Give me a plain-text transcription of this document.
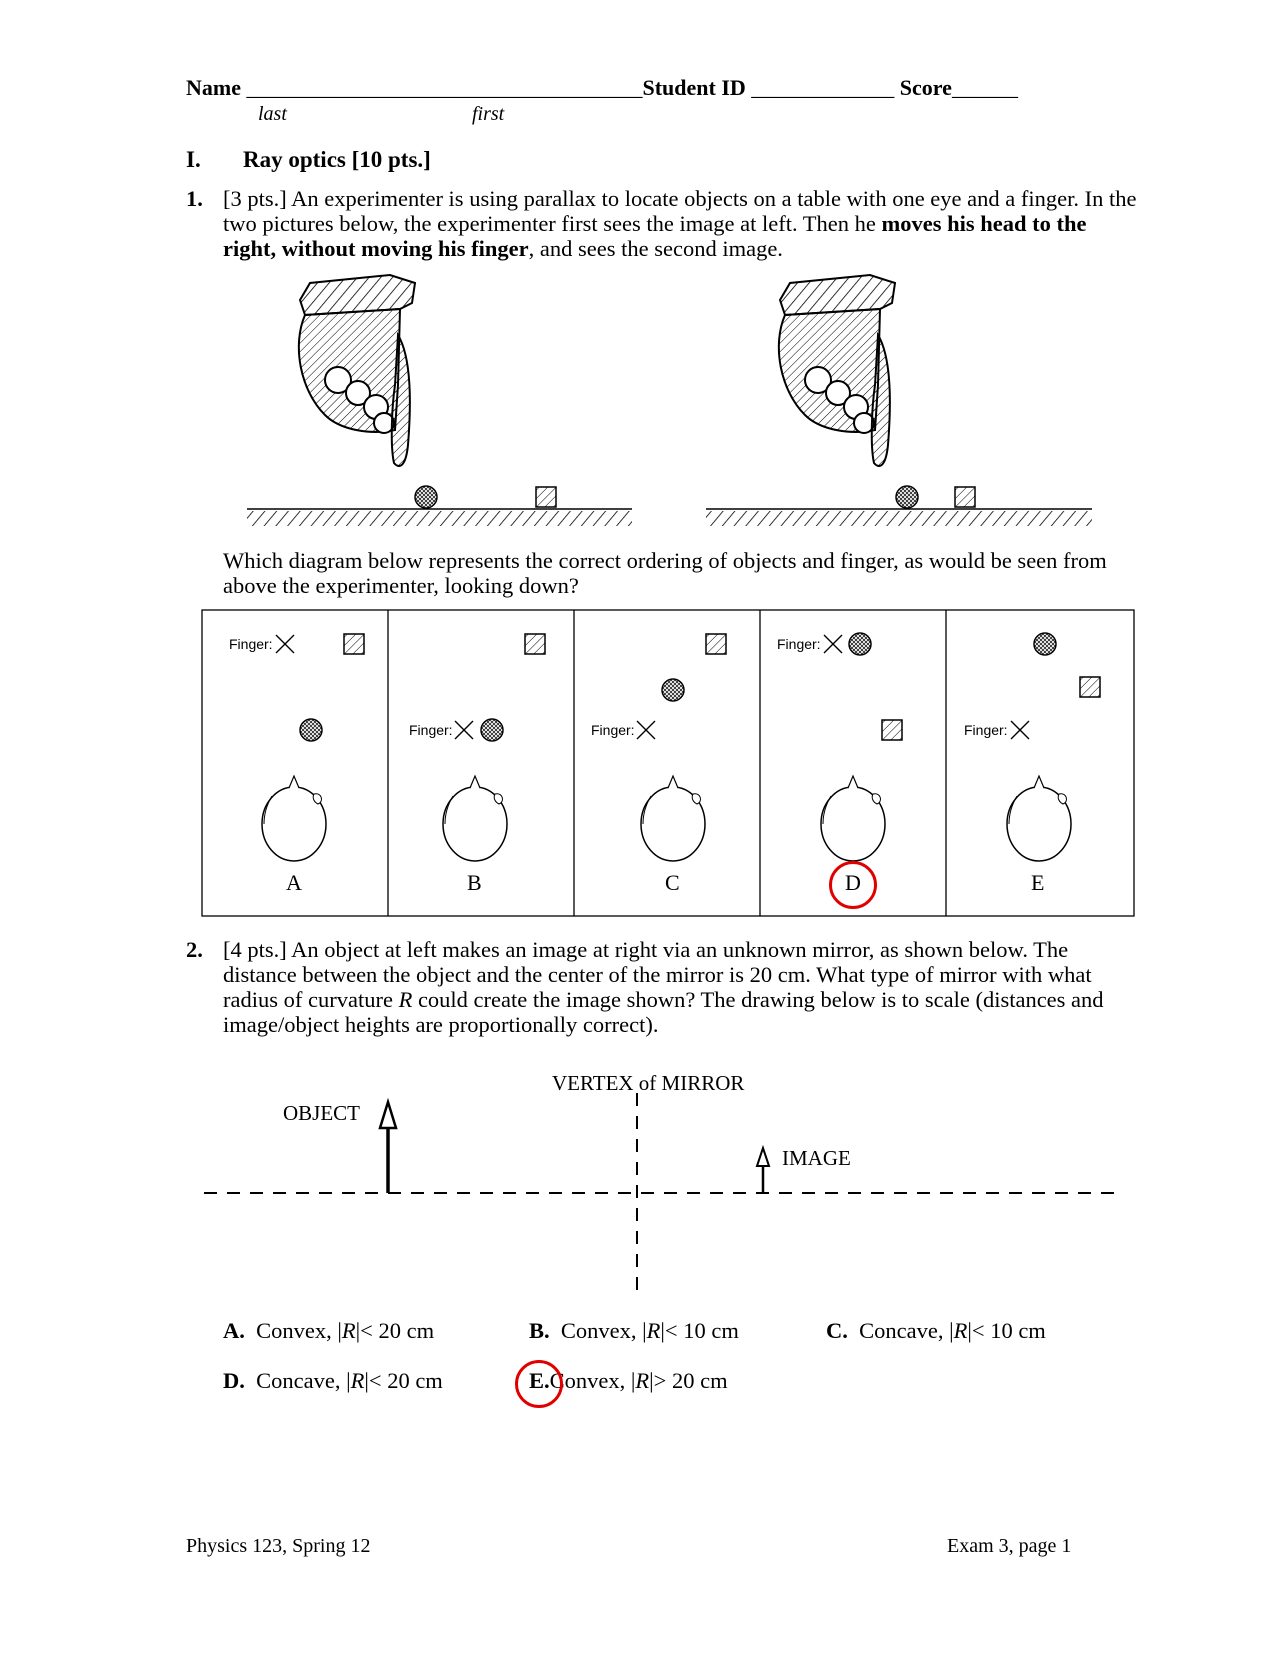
Name ____________________________________Student ID _____________ Score______
last	first
I. Ray optics [10 pts.]
1. [3 pts.] An experimenter is using parallax to locate objects on a table with one eye and a finger. In the two pictures below, the experimenter first sees the image at left. Then he moves his head to the right, without moving his finger, and sees the second image.
Which diagram below represents the correct ordering of objects and finger, as would be seen from above the experimenter, looking down?
Finger:
Finger:	Finger:
Finger:
Finger:
A	B	C	D	E
2. [4 pts.] An object at left makes an image at right via an unknown mirror, as shown below. The distance between the object and the center of the mirror is 20 cm. What type of mirror with what radius of curvature R could create the image shown? The drawing below is to scale (distances and image/object heights are proportionally correct).
VERTEX of MIRROR
OBJECT
IMAGE
A. Convex, |R|< 20 cm	B. Convex, |R|< 10 cm	C. Concave, |R|< 10 cm
D. Concave, |R|< 20 cm	E.Convex, |R|> 20 cm
Physics 123, Spring 12	Exam 3, page 1
